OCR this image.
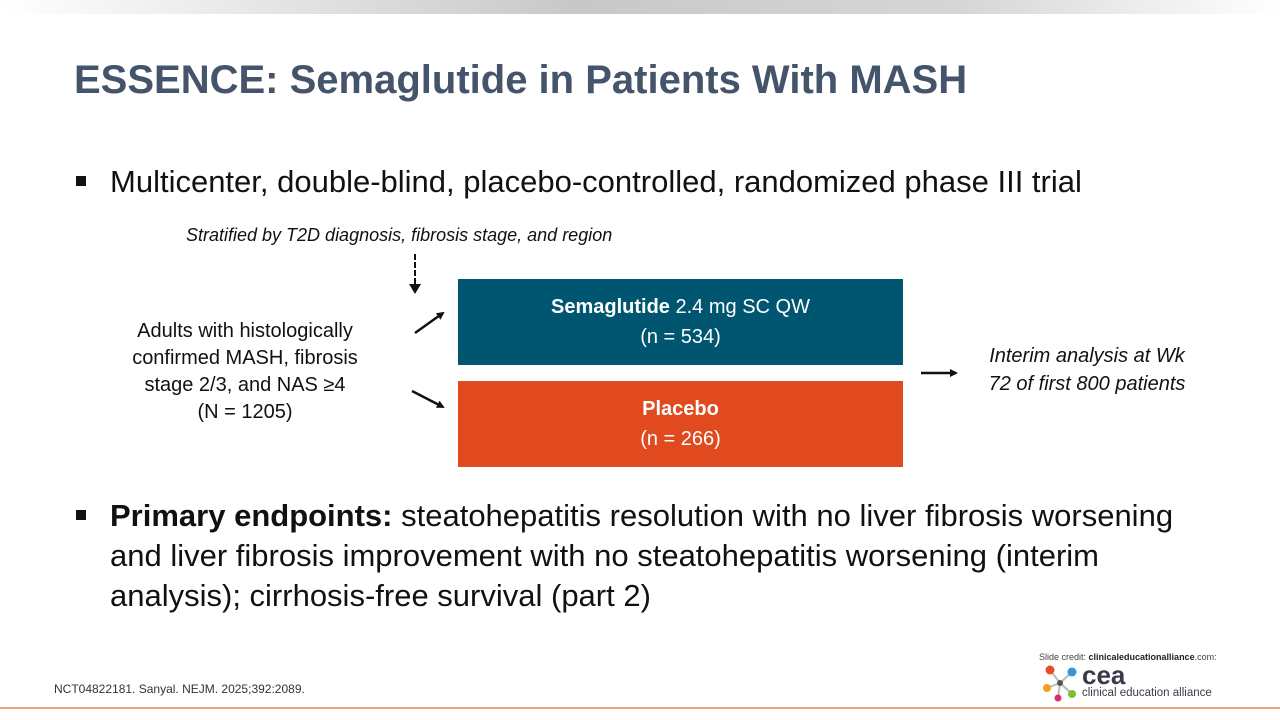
ESSENCE: Semaglutide in Patients With MASH
Multicenter, double-blind, placebo-controlled, randomized phase III trial
Stratified by T2D diagnosis, fibrosis stage, and region
Adults with histologically
confirmed MASH, fibrosis
stage 2/3, and NAS ≥4
(N = 1205)
Semaglutide 2.4 mg SC QW
(n = 534)
Placebo
(n = 266)
Interim analysis at Wk
72 of first 800 patients
Primary endpoints: steatohepatitis resolution with no liver fibrosis worsening and liver fibrosis improvement with no steatohepatitis worsening (interim analysis); cirrhosis-free survival (part 2)
NCT04822181. Sanyal. NEJM. 2025;392:2089.
Slide credit: clinicaleducationalliance.com:
cea
clinical education alliance
